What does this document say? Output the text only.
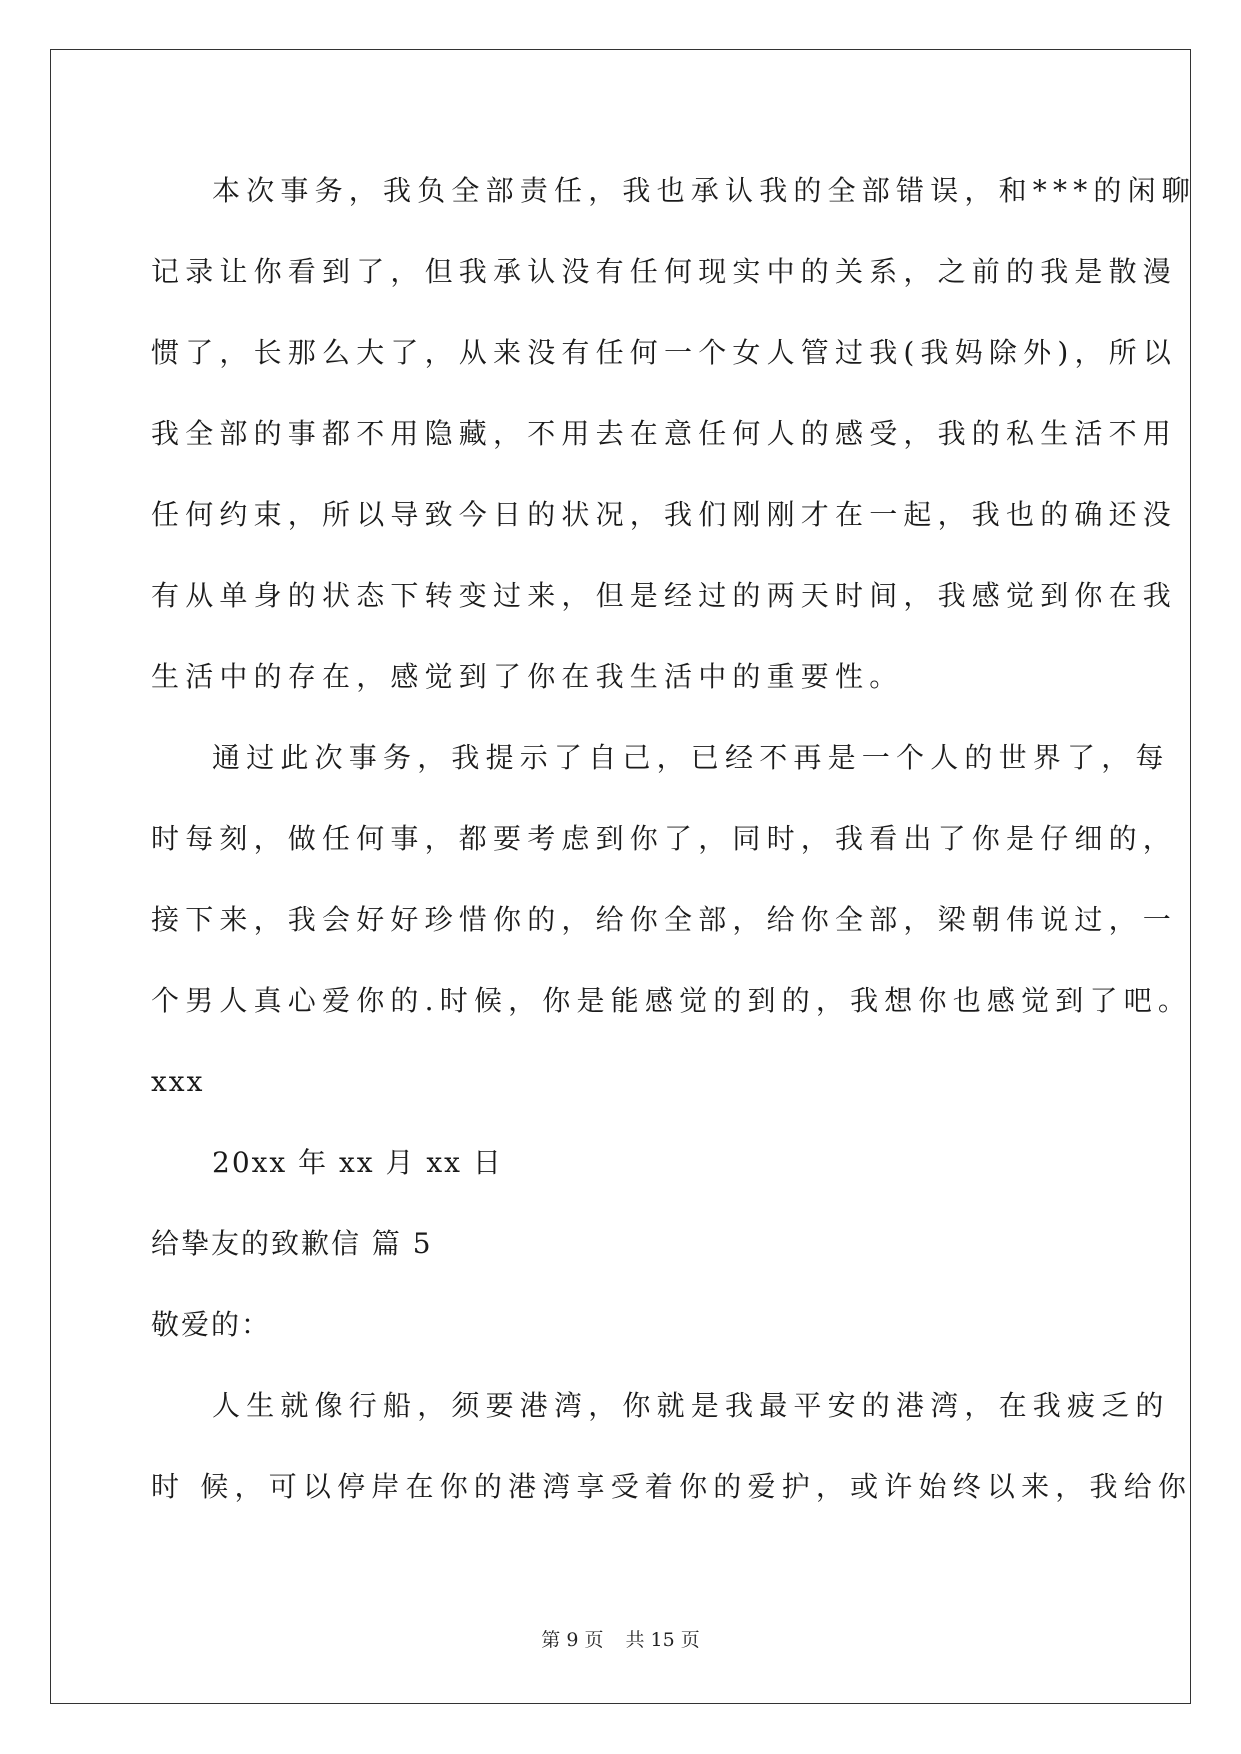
本次事务，我负全部责任，我也承认我的全部错误，和***的闲聊
记录让你看到了，但我承认没有任何现实中的关系，之前的我是散漫
惯了，长那么大了，从来没有任何一个女人管过我(我妈除外)，所以
我全部的事都不用隐藏，不用去在意任何人的感受，我的私生活不用
任何约束，所以导致今日的状况，我们刚刚才在一起，我也的确还没
有从单身的状态下转变过来，但是经过的两天时间，我感觉到你在我
生活中的存在，感觉到了你在我生活中的重要性。
通过此次事务，我提示了自己，已经不再是一个人的世界了，每
时每刻，做任何事，都要考虑到你了，同时，我看出了你是仔细的，
接下来，我会好好珍惜你的，给你全部，给你全部，梁朝伟说过，一
个男人真心爱你的.时候，你是能感觉的到的，我想你也感觉到了吧。
xxx
20xx 年 xx 月 xx 日
给挚友的致歉信 篇 5
敬爱的：
人生就像行船，须要港湾，你就是我最平安的港湾，在我疲乏的
时 候，可以停岸在你的港湾享受着你的爱护，或许始终以来，我给你
第 9 页 共 15 页
